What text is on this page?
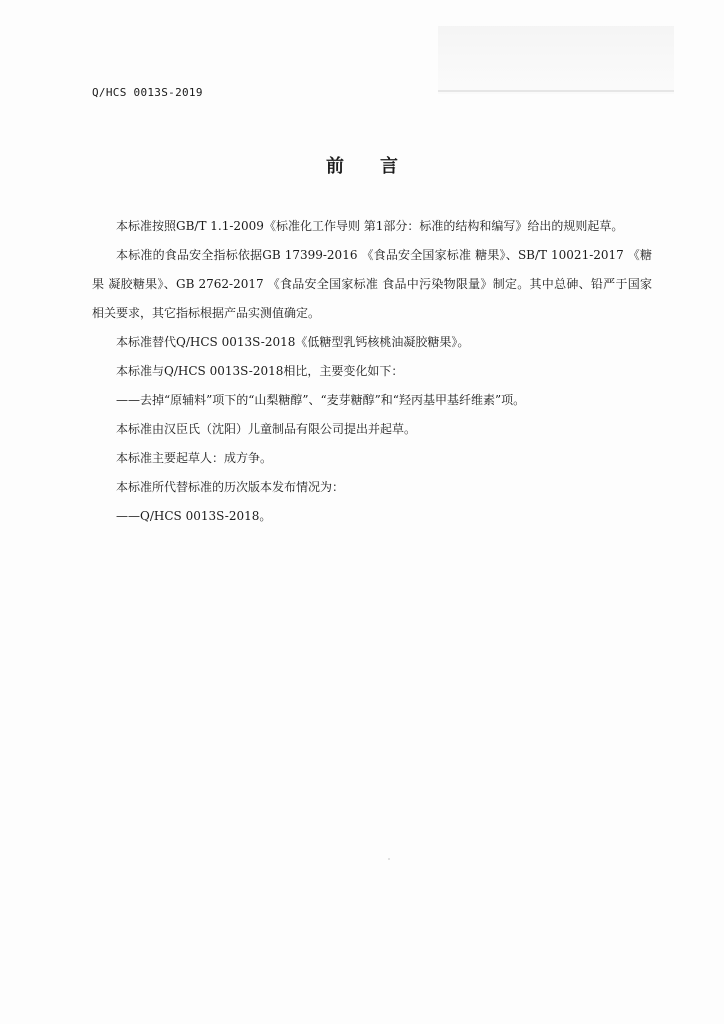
Q/HCS 0013S-2019
前言

本标准按照GB/T 1.1-2009《标准化工作导则 第1部分：标准的结构和编写》给出的规则起草。

本标准的食品安全指标依据GB 17399-2016 《食品安全国家标准 糖果》、SB/T 10021-2017 《糖果 凝胶糖果》、GB 2762-2017 《食品安全国家标准 食品中污染物限量》制定。其中总砷、铅严于国家相关要求，其它指标根据产品实测值确定。

本标准替代Q/HCS 0013S-2018《低糖型乳钙核桃油凝胶糖果》。

本标准与Q/HCS 0013S-2018相比，主要变化如下：

——去掉“原辅料”项下的“山梨糖醇”、“麦芽糖醇”和“羟丙基甲基纤维素”项。

本标准由汉臣氏（沈阳）儿童制品有限公司提出并起草。

本标准主要起草人：成方争。

本标准所代替标准的历次版本发布情况为：

——Q/HCS 0013S-2018。
